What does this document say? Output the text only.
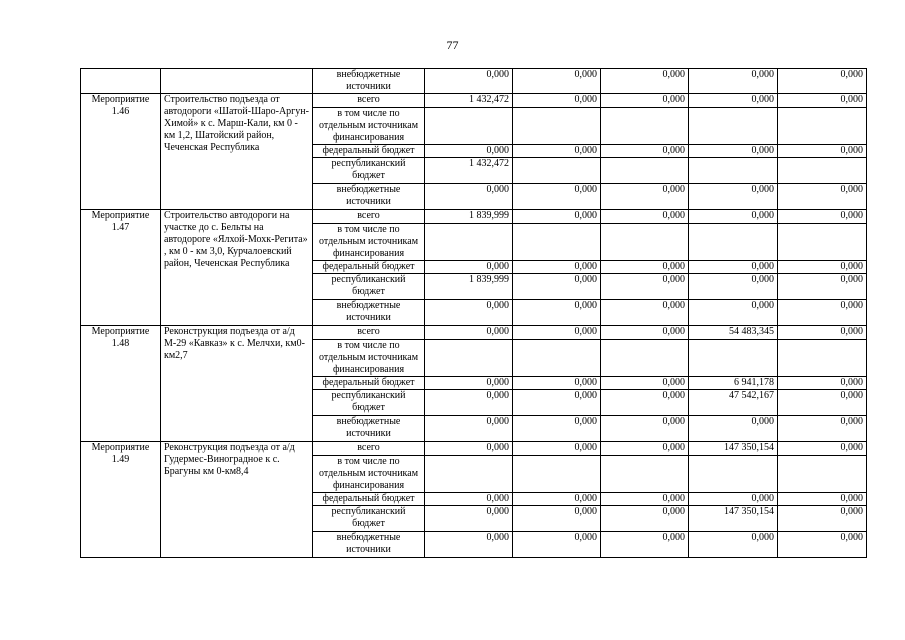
77
		внебюджетные источники	0,000	0,000	0,000	0,000	0,000
Мероприятие 1.46	Строительство подъезда от автодороги «Шатой-Шаро-Аргун-Химой» к с. Марш-Кали, км 0 - км 1,2, Шатойский район, Чеченская Республика	всего	1 432,472	0,000	0,000	0,000	0,000
		в том числе по отдельным источникам финансирования					
		федеральный бюджет	0,000	0,000	0,000	0,000	0,000
		республиканский бюджет	1 432,472				
		внебюджетные источники	0,000	0,000	0,000	0,000	0,000
Мероприятие 1.47	Строительство автодороги на участке до с. Бельты на автодороге «Ялхой-Мохк-Регита» , км 0 - км 3,0, Курчалоевский район, Чеченская Республика	всего	1 839,999	0,000	0,000	0,000	0,000
		в том числе по отдельным источникам финансирования					
		федеральный бюджет	0,000	0,000	0,000	0,000	0,000
		республиканский бюджет	1 839,999	0,000	0,000	0,000	0,000
		внебюджетные источники	0,000	0,000	0,000	0,000	0,000
Мероприятие 1.48	Реконструкция подъезда от а/д М-29 «Кавказ» к с. Мелчхи, км0-км2,7	всего	0,000	0,000	0,000	54 483,345	0,000
		в том числе по отдельным источникам финансирования					
		федеральный бюджет	0,000	0,000	0,000	6 941,178	0,000
		республиканский бюджет	0,000	0,000	0,000	47 542,167	0,000
		внебюджетные источники	0,000	0,000	0,000	0,000	0,000
Мероприятие 1.49	Реконструкция подъезда от а/д Гудермес-Виноградное к с. Брагуны км 0-км8,4	всего	0,000	0,000	0,000	147 350,154	0,000
		в том числе по отдельным источникам финансирования					
		федеральный бюджет	0,000	0,000	0,000	0,000	0,000
		республиканский бюджет	0,000	0,000	0,000	147 350,154	0,000
		внебюджетные источники	0,000	0,000	0,000	0,000	0,000
